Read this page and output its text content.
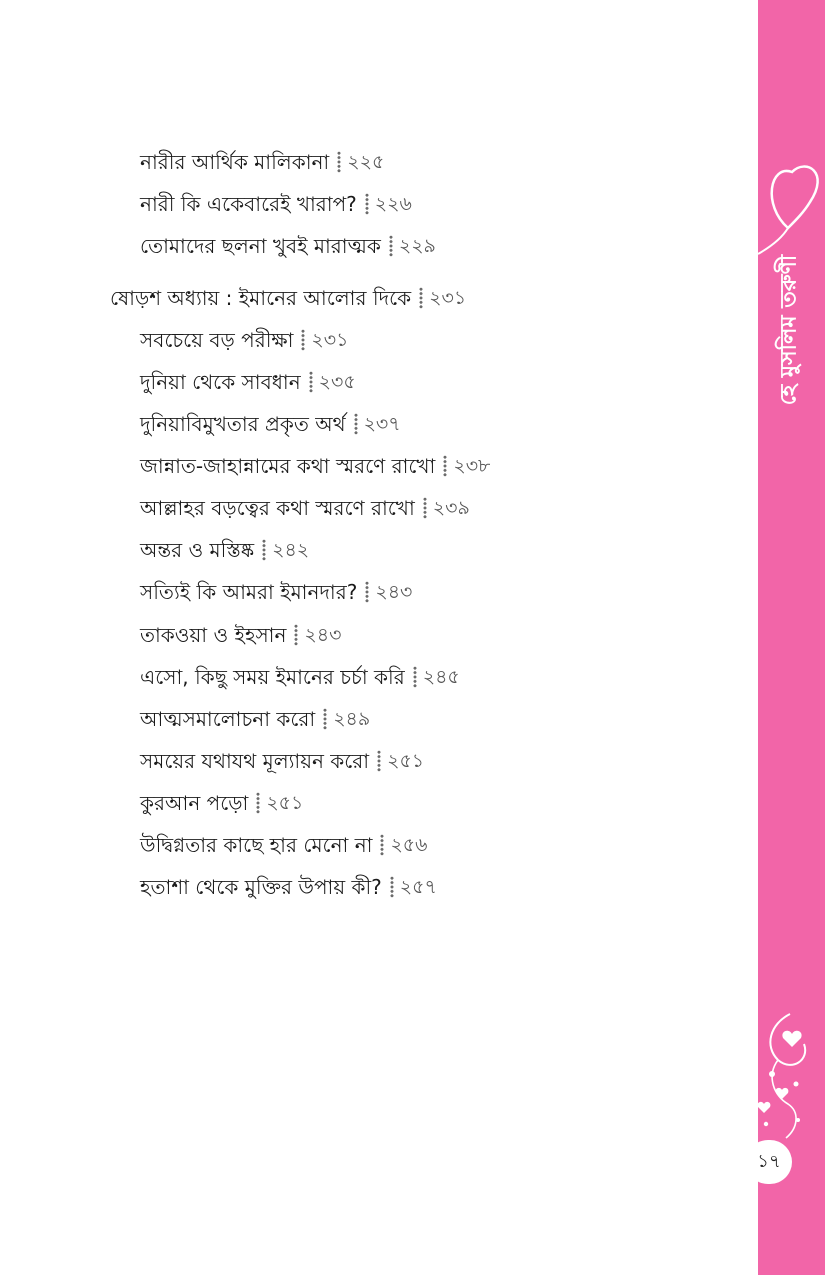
নারীর আর্থিক মালিকানা ২২৫
নারী কি একেবারেই খারাপ? ২২৬
তোমাদের ছলনা খুবই মারাত্মক ২২৯
ষোড়শ অধ্যায় : ইমানের আলোর দিকে ২৩১
সবচেয়ে বড় পরীক্ষা ২৩১
দুনিয়া থেকে সাবধান ২৩৫
দুনিয়াবিমুখতার প্রকৃত অর্থ ২৩৭
জান্নাত-জাহান্নামের কথা স্মরণে রাখো ২৩৮
আল্লাহর বড়ত্বের কথা স্মরণে রাখো ২৩৯
অন্তর ও মস্তিষ্ক ২৪২
সত্যিই কি আমরা ইমানদার? ২৪৩
তাকওয়া ও ইহসান ২৪৩
এসো, কিছু সময় ইমানের চর্চা করি ২৪৫
আত্মসমালোচনা করো ২৪৯
সময়ের যথাযথ মূল্যায়ন করো ২৫১
কুরআন পড়ো ২৫১
উদ্বিগ্নতার কাছে হার মেনো না ২৫৬
হতাশা থেকে মুক্তির উপায় কী? ২৫৭
হে মুসলিম তরুণী
১৭
